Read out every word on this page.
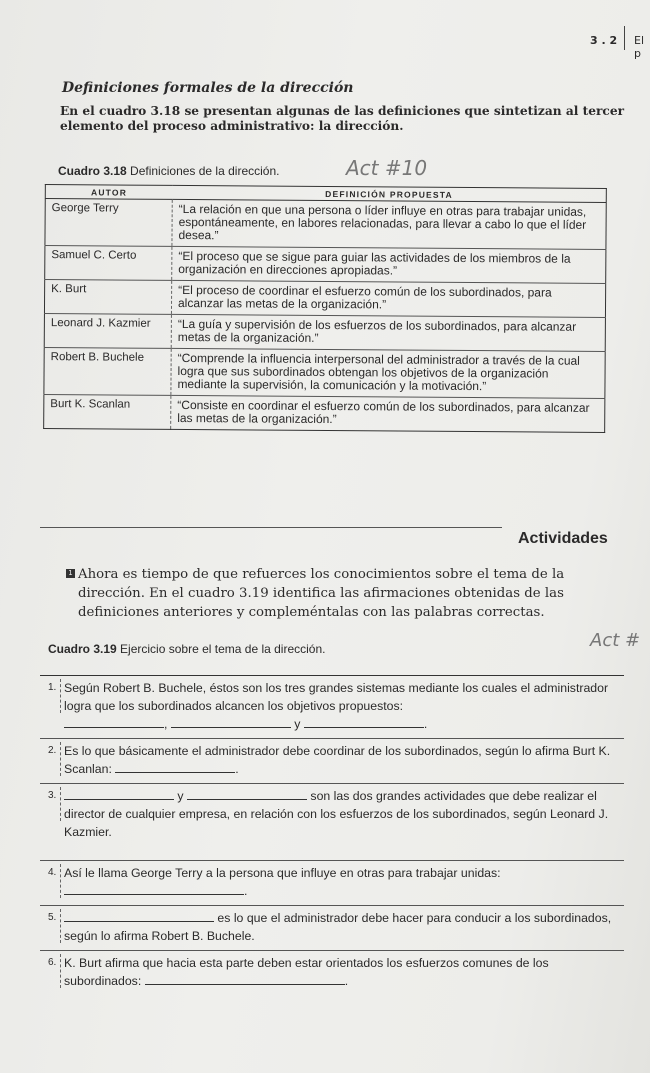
3 . 2 El p
Definiciones formales de la dirección
En el cuadro 3.18 se presentan algunas de las definiciones que sintetizan al tercer elemento del proceso administrativo: la dirección.
Cuadro 3.18 Definiciones de la dirección.	Act #10
AUTOR	DEFINICIÓN PROPUESTA
George Terry	“La relación en que una persona o líder influye en otras para trabajar unidas, espontáneamente, en labores relacionadas, para llevar a cabo lo que el líder desea.”
Samuel C. Certo	“El proceso que se sigue para guiar las actividades de los miembros de la organización en direcciones apropiadas.”
K. Burt	“El proceso de coordinar el esfuerzo común de los subordinados, para alcanzar las metas de la organización.”
Leonard J. Kazmier	“La guía y supervisión de los esfuerzos de los subordinados, para alcanzar metas de la organización.”
Robert B. Buchele	“Comprende la influencia interpersonal del administrador a través de la cual logra que sus subordinados obtengan los objetivos de la organización mediante la supervisión, la comunicación y la motivación.”
Burt K. Scanlan	“Consiste en coordinar el esfuerzo común de los subordinados, para alcanzar las metas de la organización.”
Actividades
1 Ahora es tiempo de que refuerces los conocimientos sobre el tema de la dirección. En el cuadro 3.19 identifica las afirmaciones obtenidas de las definiciones anteriores y compleméntalas con las palabras correctas.
Act #
Cuadro 3.19 Ejercicio sobre el tema de la dirección.
1. Según Robert B. Buchele, éstos son los tres grandes sistemas mediante los cuales el administrador logra que los subordinados alcancen los objetivos propuestos:
,	y	.
2. Es lo que básicamente el administrador debe coordinar de los subordinados, según lo afirma Burt K. Scanlan:	.
3.	y	son las dos grandes actividades que debe realizar el director de cualquier empresa, en relación con los esfuerzos de los subordinados, según Leonard J. Kazmier.
4. Así le llama George Terry a la persona que influye en otras para trabajar unidas: .
5.	es lo que el administrador debe hacer para conducir a los subordinados, según lo afirma Robert B. Buchele.
6. K. Burt afirma que hacia esta parte deben estar orientados los esfuerzos comunes de los subordinados:	.
